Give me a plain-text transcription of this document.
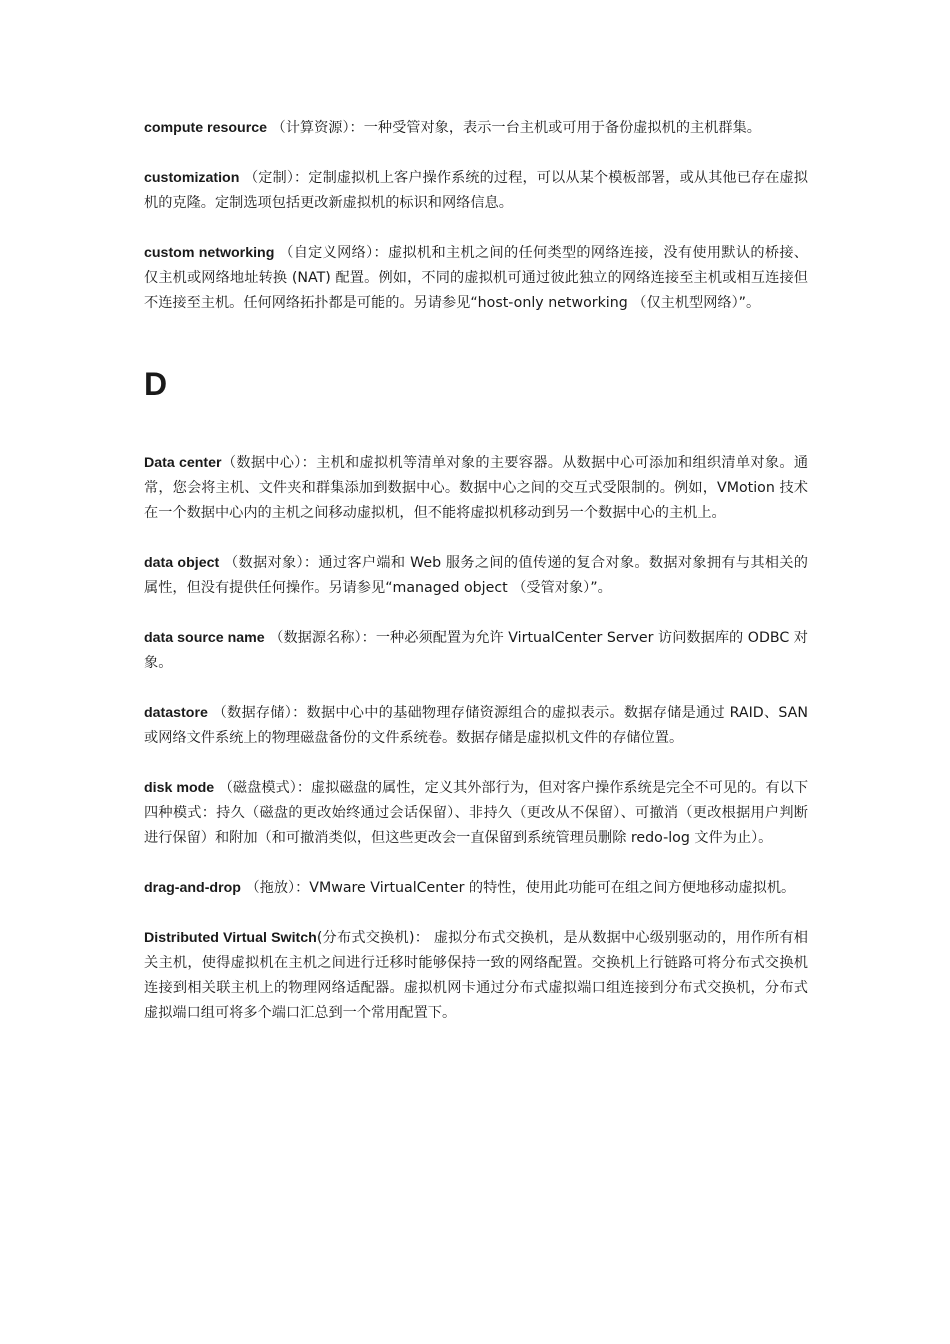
compute resource （计算资源）：一种受管对象，表示一台主机或可用于备份虚拟机的主机群集。

customization （定制）：定制虚拟机上客户操作系统的过程，可以从某个模板部署，或从其他已存在虚拟机的克隆。定制选项包括更改新虚拟机的标识和网络信息。

custom networking （自定义网络）：虚拟机和主机之间的任何类型的网络连接，没有使用默认的桥接、仅主机或网络地址转换 (NAT) 配置。例如，不同的虚拟机可通过彼此独立的网络连接至主机或相互连接但不连接至主机。任何网络拓扑都是可能的。另请参见“host-only networking （仅主机型网络）”。

D

Data center（数据中心）：主机和虚拟机等清单对象的主要容器。从数据中心可添加和组织清单对象。通常，您会将主机、文件夹和群集添加到数据中心。数据中心之间的交互式受限制的。例如，VMotion 技术在一个数据中心内的主机之间移动虚拟机，但不能将虚拟机移动到另一个数据中心的主机上。

data object （数据对象）：通过客户端和 Web 服务之间的值传递的复合对象。数据对象拥有与其相关的属性，但没有提供任何操作。另请参见“managed object （受管对象）”。

data source name （数据源名称）：一种必须配置为允许 VirtualCenter Server 访问数据库的 ODBC 对象。

datastore （数据存储）：数据中心中的基础物理存储资源组合的虚拟表示。数据存储是通过 RAID、SAN或网络文件系统上的物理磁盘备份的文件系统卷。数据存储是虚拟机文件的存储位置。

disk mode （磁盘模式）：虚拟磁盘的属性，定义其外部行为，但对客户操作系统是完全不可见的。有以下四种模式：持久（磁盘的更改始终通过会话保留）、非持久（更改从不保留）、可撤消（更改根据用户判断进行保留）和附加（和可撤消类似，但这些更改会一直保留到系统管理员删除 redo-log 文件为止）。

drag-and-drop （拖放）：VMware VirtualCenter 的特性，使用此功能可在组之间方便地移动虚拟机。

Distributed Virtual Switch(分布式交换机)： 虚拟分布式交换机，是从数据中心级别驱动的，用作所有相关主机，使得虚拟机在主机之间进行迁移时能够保持一致的网络配置。交换机上行链路可将分布式交换机连接到相关联主机上的物理网络适配器。虚拟机网卡通过分布式虚拟端口组连接到分布式交换机，分布式虚拟端口组可将多个端口汇总到一个常用配置下。
